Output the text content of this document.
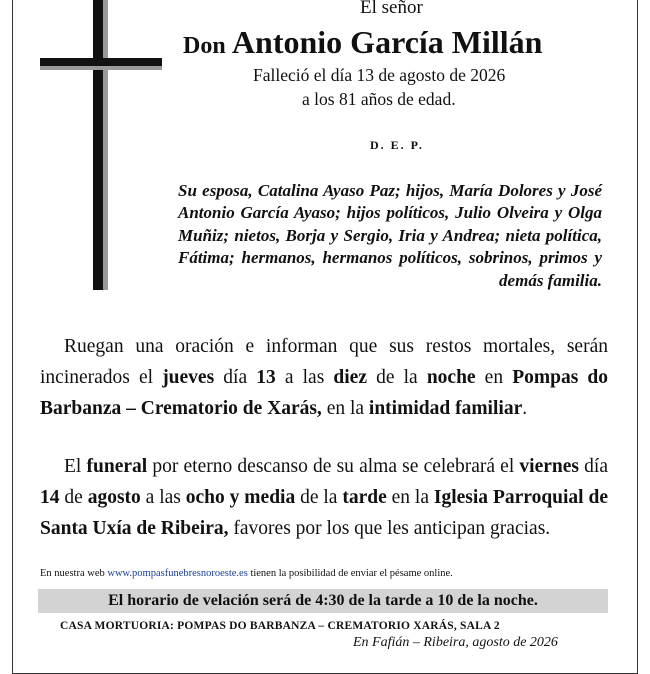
El señor
Don Antonio García Millán
Falleció el día 13 de agosto de 2026
a los 81 años de edad.
D. E. P.
Su esposa, Catalina Ayaso Paz; hijos, María Dolores y José Antonio García Ayaso; hijos políticos, Julio Olveira y Olga Muñiz; nietos, Borja y Sergio, Iria y Andrea; nieta política, Fátima; hermanos, hermanos políticos, sobrinos, primos y demás familia.
Ruegan una oración e informan que sus restos mortales, serán incinerados el jueves día 13 a las diez de la noche en Pompas do Barbanza – Crematorio de Xarás, en la intimidad familiar.
El funeral por eterno descanso de su alma se celebrará el viernes día 14 de agosto a las ocho y media de la tarde en la Iglesia Parroquial de Santa Uxía de Ribeira, favores por los que les anticipan gracias.
En nuestra web www.pompasfunebresnoroeste.es tienen la posibilidad de enviar el pésame online.
El horario de velación será de 4:30 de la tarde a 10 de la noche.
CASA MORTUORIA: POMPAS DO BARBANZA – CREMATORIO XARÁS, SALA 2
En Fafián – Ribeira, agosto de 2026
